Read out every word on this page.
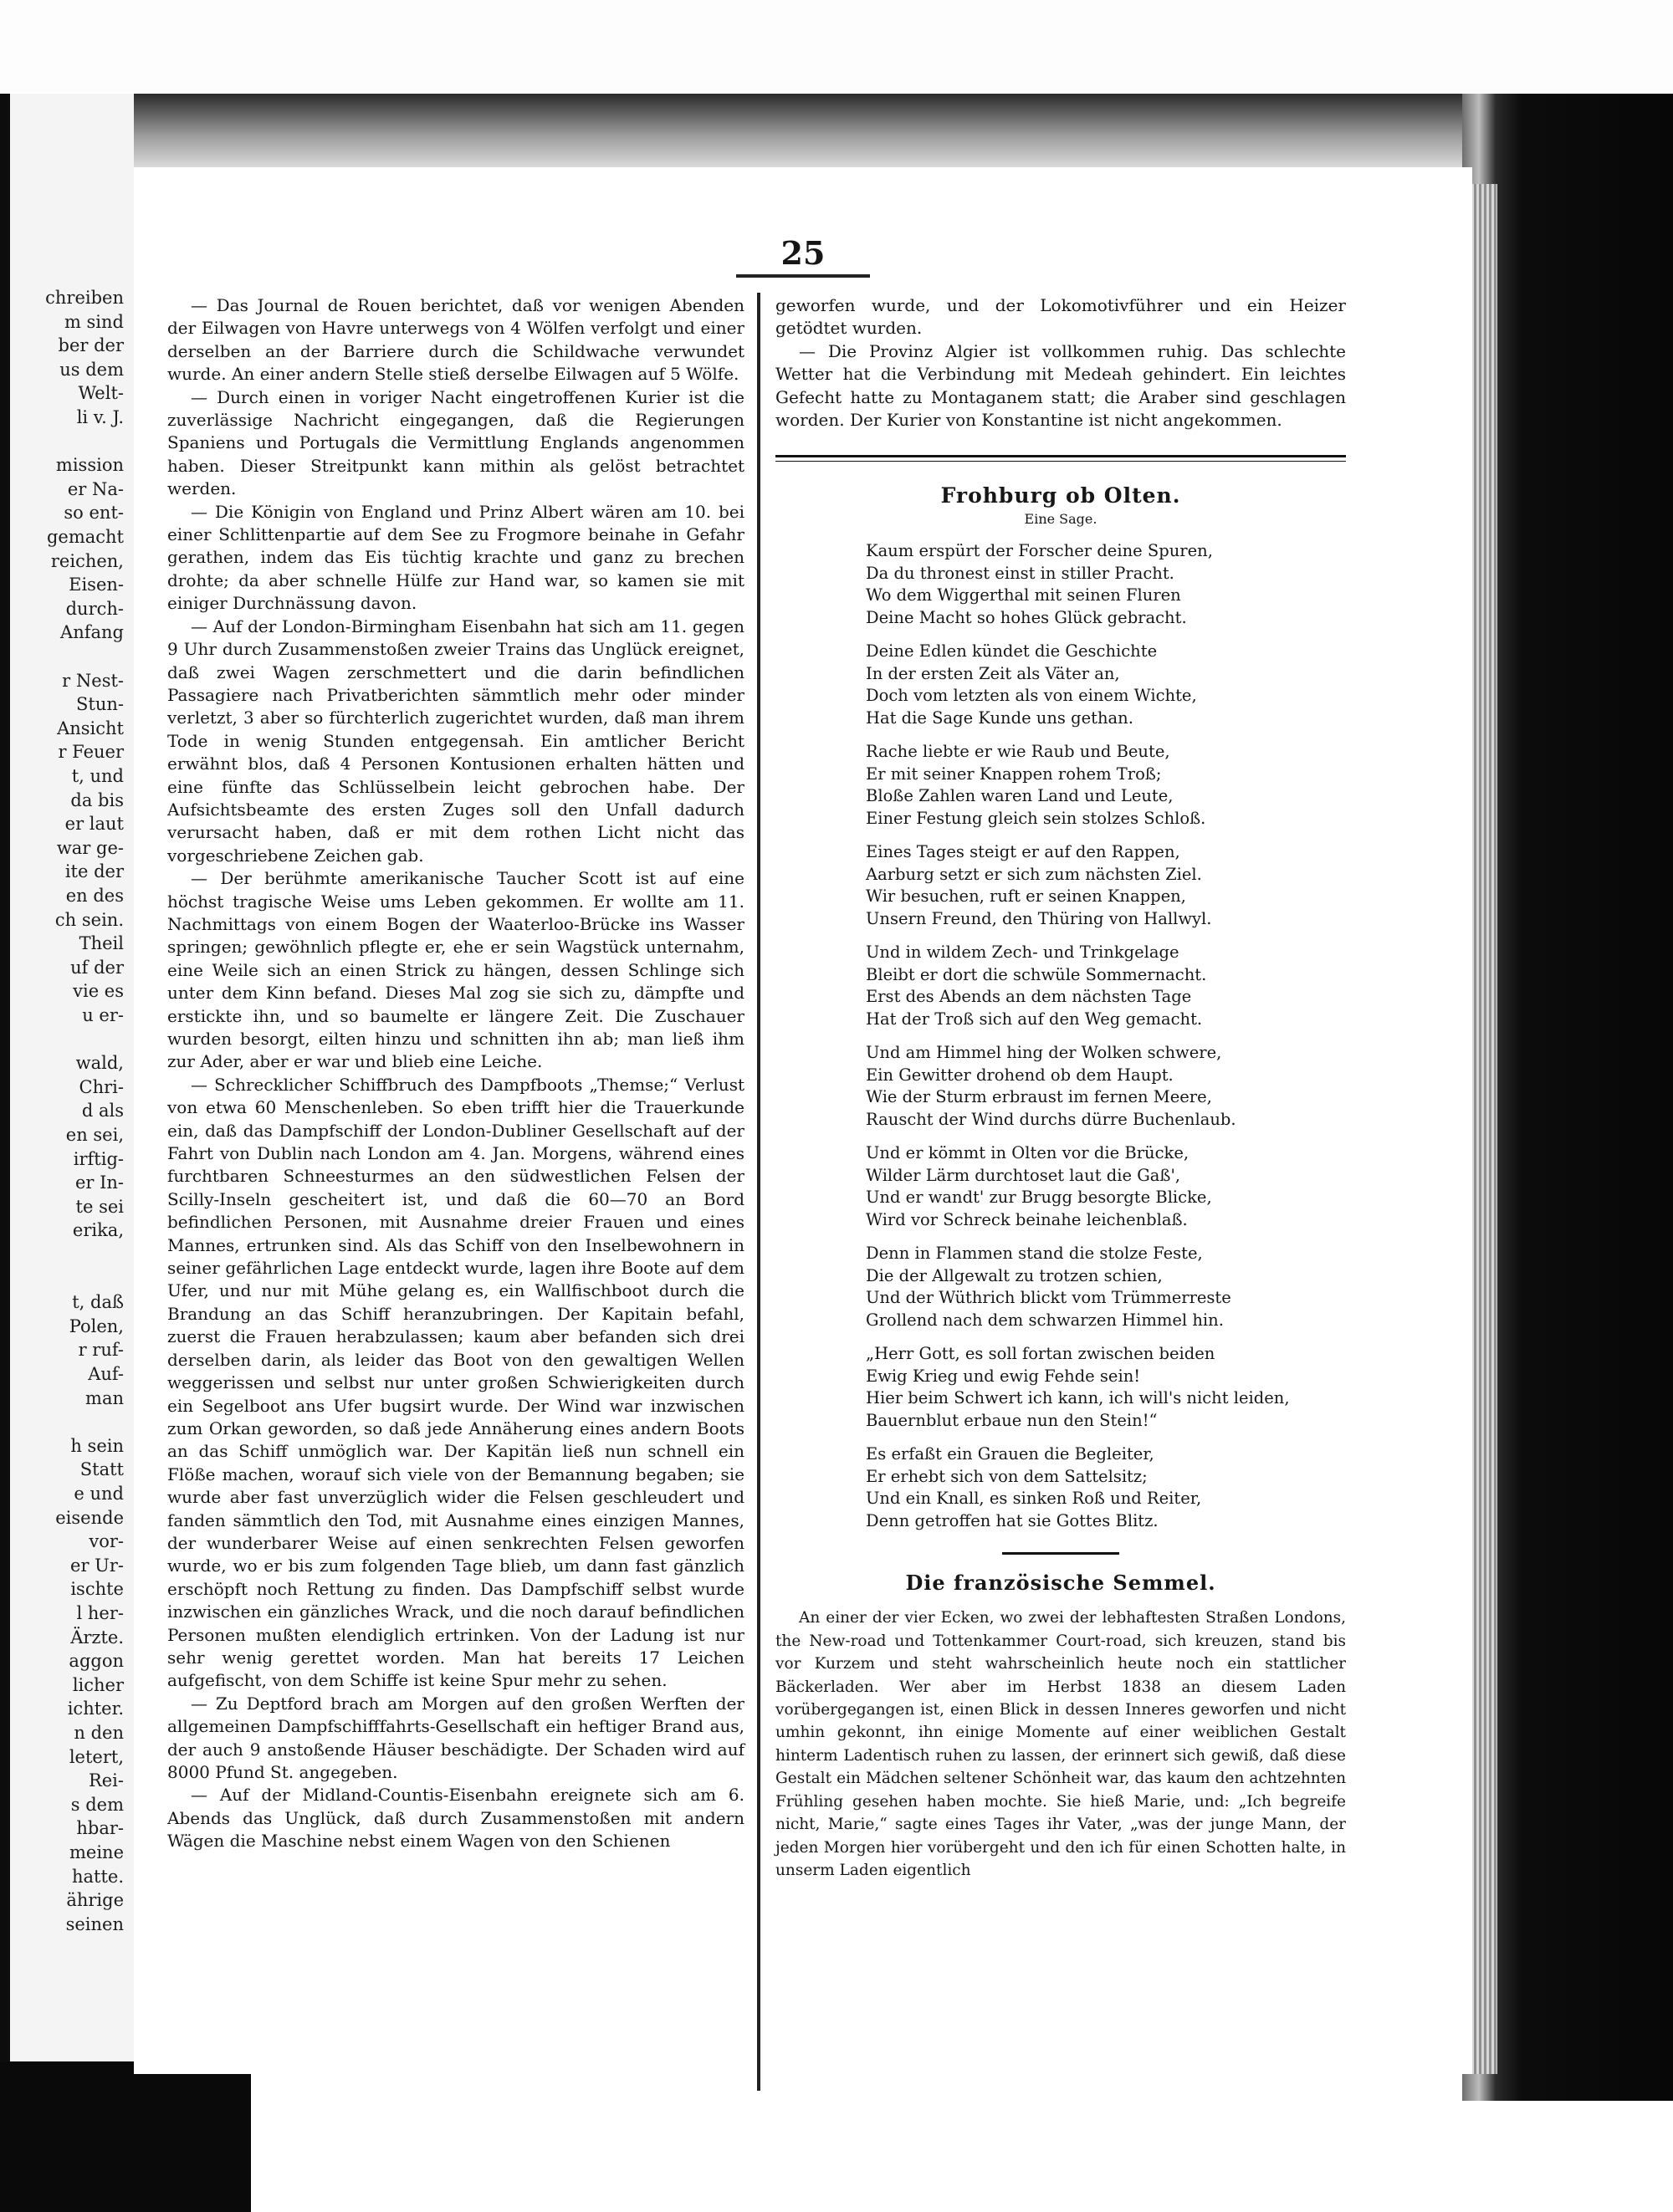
chreiben
m sind
ber der
us dem
Welt-
li v. J.
mission
er Na-
so ent-
gemacht
reichen,
Eisen-
durch-
Anfang
r Nest-
Stun-
Ansicht
r Feuer
t, und
da bis
er laut
war ge-
ite der
en des
ch sein.
Theil
uf der
vie es
u er-
wald,
Chri-
d als
en sei,
irftig-
er In-
te sei
erika,
t, daß
Polen,
r ruf-
Auf-
man
h sein
Statt
e und
eisende
vor-
er Ur-
ischte
l her-
Ärzte.
aggon
licher
ichter.
n den
letert,
Rei-
s dem
hbar-
meine
hatte.
ährige
seinen
25

— Das Journal de Rouen berichtet, daß vor wenigen Abenden der Eilwagen von Havre unterwegs von 4 Wölfen verfolgt und einer derselben an der Barriere durch die Schildwache verwundet wurde. An einer andern Stelle stieß derselbe Eilwagen auf 5 Wölfe.

— Durch einen in voriger Nacht eingetroffenen Kurier ist die zuverlässige Nachricht eingegangen, daß die Regierungen Spaniens und Portugals die Vermittlung Englands angenommen haben. Dieser Streitpunkt kann mithin als gelöst betrachtet werden.

— Die Königin von England und Prinz Albert wären am 10. bei einer Schlittenpartie auf dem See zu Frogmore beinahe in Gefahr gerathen, indem das Eis tüchtig krachte und ganz zu brechen drohte; da aber schnelle Hülfe zur Hand war, so kamen sie mit einiger Durchnässung davon.

— Auf der London-Birmingham Eisenbahn hat sich am 11. gegen 9 Uhr durch Zusammenstoßen zweier Trains das Unglück ereignet, daß zwei Wagen zerschmettert und die darin befindlichen Passagiere nach Privatberichten sämmtlich mehr oder minder verletzt, 3 aber so fürchterlich zugerichtet wurden, daß man ihrem Tode in wenig Stunden entgegensah. Ein amtlicher Bericht erwähnt blos, daß 4 Personen Kontusionen erhalten hätten und eine fünfte das Schlüsselbein leicht gebrochen habe. Der Aufsichtsbeamte des ersten Zuges soll den Unfall dadurch verursacht haben, daß er mit dem rothen Licht nicht das vorgeschriebene Zeichen gab.

— Der berühmte amerikanische Taucher Scott ist auf eine höchst tragische Weise ums Leben gekommen. Er wollte am 11. Nachmittags von einem Bogen der Waaterloo-Brücke ins Wasser springen; gewöhnlich pflegte er, ehe er sein Wagstück unternahm, eine Weile sich an einen Strick zu hängen, dessen Schlinge sich unter dem Kinn befand. Dieses Mal zog sie sich zu, dämpfte und erstickte ihn, und so baumelte er längere Zeit. Die Zuschauer wurden besorgt, eilten hinzu und schnitten ihn ab; man ließ ihm zur Ader, aber er war und blieb eine Leiche.

— Schrecklicher Schiffbruch des Dampfboots „Themse;“ Verlust von etwa 60 Menschenleben. So eben trifft hier die Trauerkunde ein, daß das Dampfschiff der London-Dubliner Gesellschaft auf der Fahrt von Dublin nach London am 4. Jan. Morgens, während eines furchtbaren Schneesturmes an den südwestlichen Felsen der Scilly-Inseln gescheitert ist, und daß die 60—70 an Bord befindlichen Personen, mit Ausnahme dreier Frauen und eines Mannes, ertrunken sind. Als das Schiff von den Inselbewohnern in seiner gefährlichen Lage entdeckt wurde, lagen ihre Boote auf dem Ufer, und nur mit Mühe gelang es, ein Wallfischboot durch die Brandung an das Schiff heranzubringen. Der Kapitain befahl, zuerst die Frauen herabzulassen; kaum aber befanden sich drei derselben darin, als leider das Boot von den gewaltigen Wellen weggerissen und selbst nur unter großen Schwierigkeiten durch ein Segelboot ans Ufer bugsirt wurde. Der Wind war inzwischen zum Orkan geworden, so daß jede Annäherung eines andern Boots an das Schiff unmöglich war. Der Kapitän ließ nun schnell ein Flöße machen, worauf sich viele von der Bemannung begaben; sie wurde aber fast unverzüglich wider die Felsen geschleudert und fanden sämmtlich den Tod, mit Ausnahme eines einzigen Mannes, der wunderbarer Weise auf einen senkrechten Felsen geworfen wurde, wo er bis zum folgenden Tage blieb, um dann fast gänzlich erschöpft noch Rettung zu finden. Das Dampfschiff selbst wurde inzwischen ein gänzliches Wrack, und die noch darauf befindlichen Personen mußten elendiglich ertrinken. Von der Ladung ist nur sehr wenig gerettet worden. Man hat bereits 17 Leichen aufgefischt, von dem Schiffe ist keine Spur mehr zu sehen.

— Zu Deptford brach am Morgen auf den großen Werften der allgemeinen Dampfschifffahrts-Gesellschaft ein heftiger Brand aus, der auch 9 anstoßende Häuser beschädigte. Der Schaden wird auf 8000 Pfund St. angegeben.

— Auf der Midland-Countis-Eisenbahn ereignete sich am 6. Abends das Unglück, daß durch Zusammenstoßen mit andern Wägen die Maschine nebst einem Wagen von den Schienen

geworfen wurde, und der Lokomotivführer und ein Heizer getödtet wurden.

— Die Provinz Algier ist vollkommen ruhig. Das schlechte Wetter hat die Verbindung mit Medeah gehindert. Ein leichtes Gefecht hatte zu Montaganem statt; die Araber sind geschlagen worden. Der Kurier von Konstantine ist nicht angekommen.

Frohburg ob Olten.
Eine Sage.
Kaum erspürt der Forscher deine Spuren,
Da du thronest einst in stiller Pracht.
Wo dem Wiggerthal mit seinen Fluren
Deine Macht so hohes Glück gebracht.
Deine Edlen kündet die Geschichte
In der ersten Zeit als Väter an,
Doch vom letzten als von einem Wichte,
Hat die Sage Kunde uns gethan.
Rache liebte er wie Raub und Beute,
Er mit seiner Knappen rohem Troß;
Bloße Zahlen waren Land und Leute,
Einer Festung gleich sein stolzes Schloß.
Eines Tages steigt er auf den Rappen,
Aarburg setzt er sich zum nächsten Ziel.
Wir besuchen, ruft er seinen Knappen,
Unsern Freund, den Thüring von Hallwyl.
Und in wildem Zech- und Trinkgelage
Bleibt er dort die schwüle Sommernacht.
Erst des Abends an dem nächsten Tage
Hat der Troß sich auf den Weg gemacht.
Und am Himmel hing der Wolken schwere,
Ein Gewitter drohend ob dem Haupt.
Wie der Sturm erbraust im fernen Meere,
Rauscht der Wind durchs dürre Buchenlaub.
Und er kömmt in Olten vor die Brücke,
Wilder Lärm durchtoset laut die Gaß',
Und er wandt' zur Brugg besorgte Blicke,
Wird vor Schreck beinahe leichenblaß.
Denn in Flammen stand die stolze Feste,
Die der Allgewalt zu trotzen schien,
Und der Wüthrich blickt vom Trümmerreste
Grollend nach dem schwarzen Himmel hin.
„Herr Gott, es soll fortan zwischen beiden
Ewig Krieg und ewig Fehde sein!
Hier beim Schwert ich kann, ich will's nicht leiden,
Bauernblut erbaue nun den Stein!“
Es erfaßt ein Grauen die Begleiter,
Er erhebt sich von dem Sattelsitz;
Und ein Knall, es sinken Roß und Reiter,
Denn getroffen hat sie Gottes Blitz.
Die französische Semmel.

An einer der vier Ecken, wo zwei der lebhaftesten Straßen Londons, the New-road und Tottenkammer Court-road, sich kreuzen, stand bis vor Kurzem und steht wahrscheinlich heute noch ein stattlicher Bäckerladen. Wer aber im Herbst 1838 an diesem Laden vorübergegangen ist, einen Blick in dessen Inneres geworfen und nicht umhin gekonnt, ihn einige Momente auf einer weiblichen Gestalt hinterm Ladentisch ruhen zu lassen, der erinnert sich gewiß, daß diese Gestalt ein Mädchen seltener Schönheit war, das kaum den achtzehnten Frühling gesehen haben mochte. Sie hieß Marie, und: „Ich begreife nicht, Marie,“ sagte eines Tages ihr Vater, „was der junge Mann, der jeden Morgen hier vorübergeht und den ich für einen Schotten halte, in unserm Laden eigentlich
